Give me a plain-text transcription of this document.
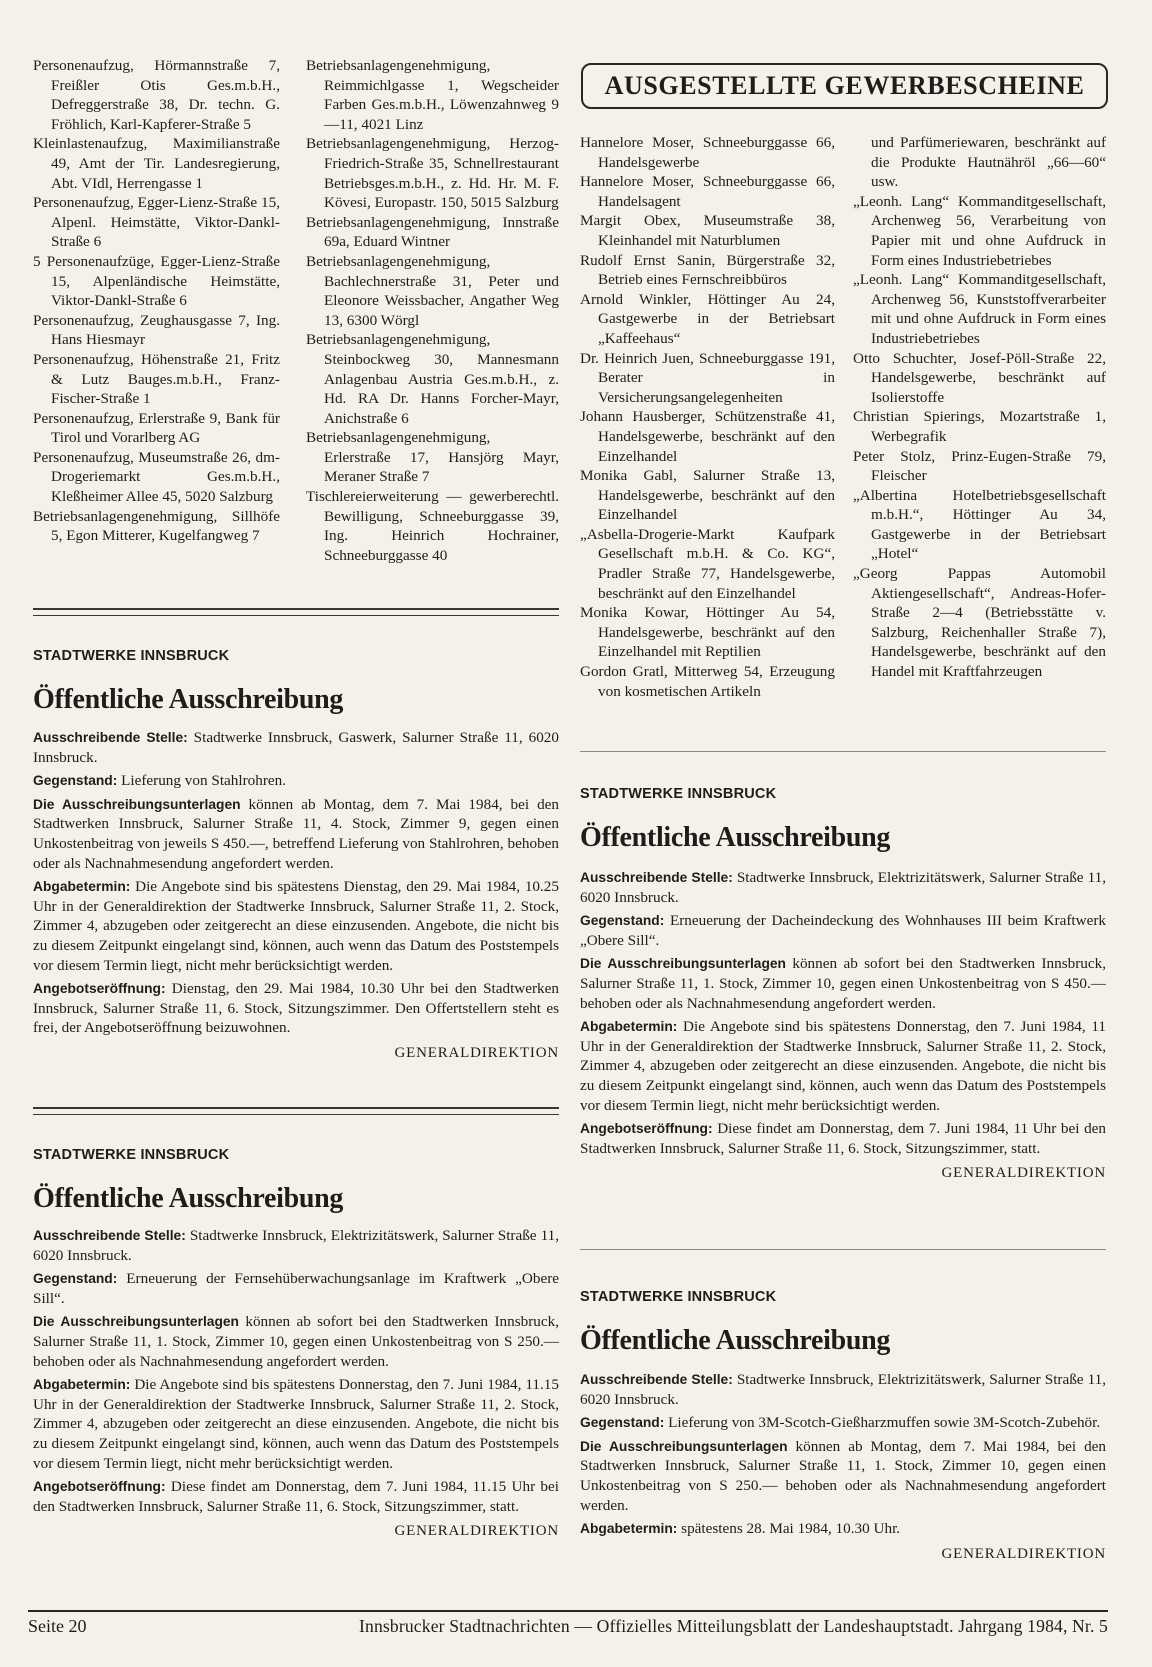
Personenaufzug, Hörmannstraße 7, Freißler Otis Ges.m.b.H., Defreggerstraße 38, Dr. techn. G. Fröhlich, Karl-Kapferer-Straße 5

Kleinlastenaufzug, Maximilianstraße 49, Amt der Tir. Landesregierung, Abt. VIdl, Herrengasse 1

Personenaufzug, Egger-Lienz-Straße 15, Alpenl. Heimstätte, Viktor-Dankl-Straße 6

5 Personenaufzüge, Egger-Lienz-Straße 15, Alpenländische Heimstätte, Viktor-Dankl-Straße 6

Personenaufzug, Zeughausgasse 7, Ing. Hans Hiesmayr

Personenaufzug, Höhenstraße 21, Fritz & Lutz Bauges.m.b.H., Franz-Fischer-Straße 1

Personenaufzug, Erlerstraße 9, Bank für Tirol und Vorarlberg AG

Personenaufzug, Museumstraße 26, dm-Drogeriemarkt Ges.m.b.H., Kleßheimer Allee 45, 5020 Salzburg

Betriebsanlagengenehmigung, Sillhöfe 5, Egon Mitterer, Kugelfangweg 7

Betriebsanlagengenehmigung, Reimmichlgasse 1, Wegscheider Farben Ges.m.b.H., Löwenzahnweg 9—11, 4021 Linz

Betriebsanlagengenehmigung, Herzog-Friedrich-Straße 35, Schnellrestaurant Betriebsges.m.b.H., z. Hd. Hr. M. F. Kövesi, Europastr. 150, 5015 Salzburg

Betriebsanlagengenehmigung, Innstraße 69a, Eduard Wintner

Betriebsanlagengenehmigung, Bachlechnerstraße 31, Peter und Eleonore Weissbacher, Angather Weg 13, 6300 Wörgl

Betriebsanlagengenehmigung, Steinbockweg 30, Mannesmann Anlagenbau Austria Ges.m.b.H., z. Hd. RA Dr. Hanns Forcher-Mayr, Anichstraße 6

Betriebsanlagengenehmigung, Erlerstraße 17, Hansjörg Mayr, Meraner Straße 7

Tischlereierweiterung — gewerberechtl. Bewilligung, Schneeburggasse 39, Ing. Heinrich Hochrainer, Schneeburggasse 40

AUSGESTELLTE GEWERBESCHEINE

Hannelore Moser, Schneeburggasse 66, Handelsgewerbe

Hannelore Moser, Schneeburggasse 66, Handelsagent

Margit Obex, Museumstraße 38, Kleinhandel mit Naturblumen

Rudolf Ernst Sanin, Bürgerstraße 32, Betrieb eines Fernschreibbüros

Arnold Winkler, Höttinger Au 24, Gastgewerbe in der Betriebsart „Kaffeehaus“

Dr. Heinrich Juen, Schneeburggasse 191, Berater in Versicherungsangelegenheiten

Johann Hausberger, Schützenstraße 41, Handelsgewerbe, beschränkt auf den Einzelhandel

Monika Gabl, Salurner Straße 13, Handelsgewerbe, beschränkt auf den Einzelhandel

„Asbella-Drogerie-Markt Kaufpark Gesellschaft m.b.H. & Co. KG“, Pradler Straße 77, Handelsgewerbe, beschränkt auf den Einzelhandel

Monika Kowar, Höttinger Au 54, Handelsgewerbe, beschränkt auf den Einzelhandel mit Reptilien

Gordon Gratl, Mitterweg 54, Erzeugung von kosmetischen Artikeln

und Parfümeriewaren, beschränkt auf die Produkte Hautnähröl „66—60“ usw.

„Leonh. Lang“ Kommanditgesellschaft, Archenweg 56, Verarbeitung von Papier mit und ohne Aufdruck in Form eines Industriebetriebes

„Leonh. Lang“ Kommanditgesellschaft, Archenweg 56, Kunststoffverarbeiter mit und ohne Aufdruck in Form eines Industriebetriebes

Otto Schuchter, Josef-Pöll-Straße 22, Handelsgewerbe, beschränkt auf Isolierstoffe

Christian Spierings, Mozartstraße 1, Werbegrafik

Peter Stolz, Prinz-Eugen-Straße 79, Fleischer

„Albertina Hotelbetriebsgesellschaft m.b.H.“, Höttinger Au 34, Gastgewerbe in der Betriebsart „Hotel“

„Georg Pappas Automobil Aktiengesellschaft“, Andreas-Hofer-Straße 2—4 (Betriebsstätte v. Salzburg, Reichenhaller Straße 7), Handelsgewerbe, beschränkt auf den Handel mit Kraftfahrzeugen

STADTWERKE INNSBRUCK
Öffentliche Ausschreibung

Ausschreibende Stelle: Stadtwerke Innsbruck, Gaswerk, Salurner Straße 11, 6020 Innsbruck.

Gegenstand: Lieferung von Stahlrohren.

Die Ausschreibungsunterlagen können ab Montag, dem 7. Mai 1984, bei den Stadtwerken Innsbruck, Salurner Straße 11, 4. Stock, Zimmer 9, gegen einen Unkostenbeitrag von jeweils S 450.—, betreffend Lieferung von Stahlrohren, behoben oder als Nachnahmesendung angefordert werden.

Abgabetermin: Die Angebote sind bis spätestens Dienstag, den 29. Mai 1984, 10.25 Uhr in der Generaldirektion der Stadtwerke Innsbruck, Salurner Straße 11, 2. Stock, Zimmer 4, abzugeben oder zeitgerecht an diese einzusenden. Angebote, die nicht bis zu diesem Zeitpunkt eingelangt sind, können, auch wenn das Datum des Poststempels vor diesem Termin liegt, nicht mehr berücksichtigt werden.

Angebotseröffnung: Dienstag, den 29. Mai 1984, 10.30 Uhr bei den Stadtwerken Innsbruck, Salurner Straße 11, 6. Stock, Sitzungszimmer. Den Offertstellern steht es frei, der Angebotseröffnung beizuwohnen.

GENERALDIREKTION
STADTWERKE INNSBRUCK
Öffentliche Ausschreibung

Ausschreibende Stelle: Stadtwerke Innsbruck, Elektrizitätswerk, Salurner Straße 11, 6020 Innsbruck.

Gegenstand: Erneuerung der Fernsehüberwachungsanlage im Kraftwerk „Obere Sill“.

Die Ausschreibungsunterlagen können ab sofort bei den Stadtwerken Innsbruck, Salurner Straße 11, 1. Stock, Zimmer 10, gegen einen Unkostenbeitrag von S 250.— behoben oder als Nachnahmesendung angefordert werden.

Abgabetermin: Die Angebote sind bis spätestens Donnerstag, den 7. Juni 1984, 11.15 Uhr in der Generaldirektion der Stadtwerke Innsbruck, Salurner Straße 11, 2. Stock, Zimmer 4, abzugeben oder zeitgerecht an diese einzusenden. Angebote, die nicht bis zu diesem Zeitpunkt eingelangt sind, können, auch wenn das Datum des Poststempels vor diesem Termin liegt, nicht mehr berücksichtigt werden.

Angebotseröffnung: Diese findet am Donnerstag, dem 7. Juni 1984, 11.15 Uhr bei den Stadtwerken Innsbruck, Salurner Straße 11, 6. Stock, Sitzungszimmer, statt.

GENERALDIREKTION
STADTWERKE INNSBRUCK
Öffentliche Ausschreibung

Ausschreibende Stelle: Stadtwerke Innsbruck, Elektrizitätswerk, Salurner Straße 11, 6020 Innsbruck.

Gegenstand: Erneuerung der Dacheindeckung des Wohnhauses III beim Kraftwerk „Obere Sill“.

Die Ausschreibungsunterlagen können ab sofort bei den Stadtwerken Innsbruck, Salurner Straße 11, 1. Stock, Zimmer 10, gegen einen Unkostenbeitrag von S 450.— behoben oder als Nachnahmesendung angefordert werden.

Abgabetermin: Die Angebote sind bis spätestens Donnerstag, den 7. Juni 1984, 11 Uhr in der Generaldirektion der Stadtwerke Innsbruck, Salurner Straße 11, 2. Stock, Zimmer 4, abzugeben oder zeitgerecht an diese einzusenden. Angebote, die nicht bis zu diesem Zeitpunkt eingelangt sind, können, auch wenn das Datum des Poststempels vor diesem Termin liegt, nicht mehr berücksichtigt werden.

Angebotseröffnung: Diese findet am Donnerstag, dem 7. Juni 1984, 11 Uhr bei den Stadtwerken Innsbruck, Salurner Straße 11, 6. Stock, Sitzungszimmer, statt.

GENERALDIREKTION
STADTWERKE INNSBRUCK
Öffentliche Ausschreibung

Ausschreibende Stelle: Stadtwerke Innsbruck, Elektrizitätswerk, Salurner Straße 11, 6020 Innsbruck.

Gegenstand: Lieferung von 3M-Scotch-Gießharzmuffen sowie 3M-Scotch-Zubehör.

Die Ausschreibungsunterlagen können ab Montag, dem 7. Mai 1984, bei den Stadtwerken Innsbruck, Salurner Straße 11, 1. Stock, Zimmer 10, gegen einen Unkostenbeitrag von S 250.— behoben oder als Nachnahmesendung angefordert werden.

Abgabetermin: spätestens 28. Mai 1984, 10.30 Uhr.

GENERALDIREKTION
Seite 20	Innsbrucker Stadtnachrichten — Offizielles Mitteilungsblatt der Landeshauptstadt. Jahrgang 1984, Nr. 5
